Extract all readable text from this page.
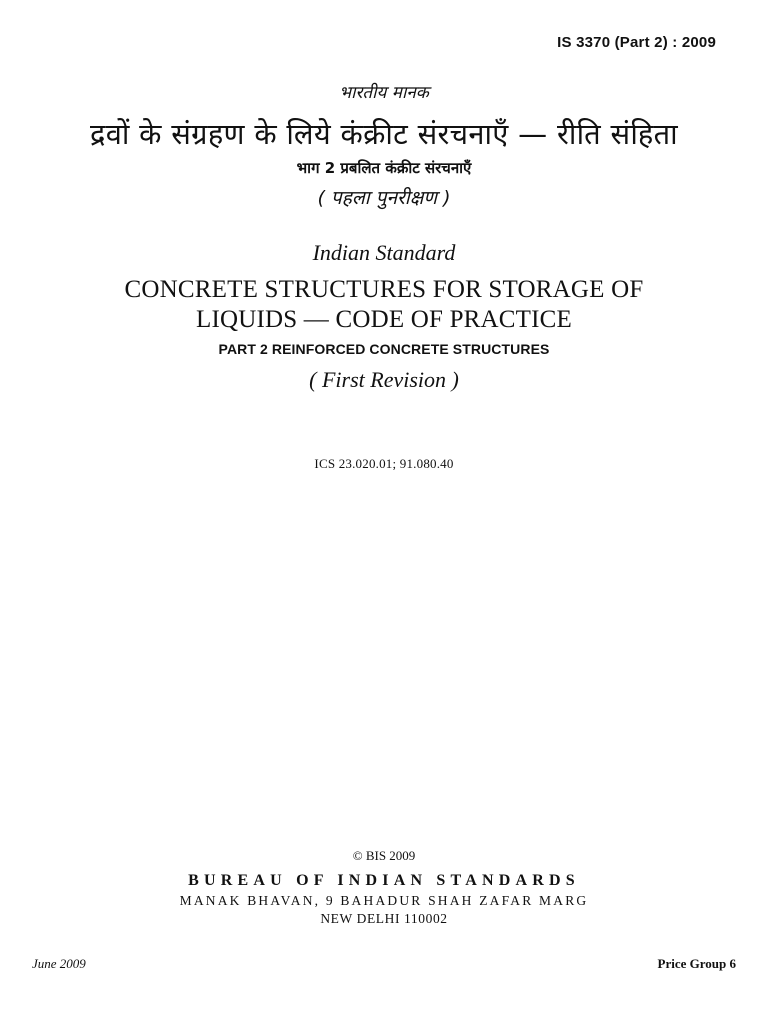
IS 3370 (Part 2) : 2009
भारतीय मानक
द्रवों के संग्रहण के लिये कंक्रीट संरचनाएँ — रीति संहिता
भाग 2 प्रबलित कंक्रीट संरचनाएँ
( पहला पुनरीक्षण )
Indian Standard
CONCRETE STRUCTURES FOR STORAGE OF
LIQUIDS — CODE OF PRACTICE
PART 2 REINFORCED CONCRETE STRUCTURES
( First Revision )
ICS 23.020.01; 91.080.40
© BIS 2009
BUREAU OF INDIAN STANDARDS
MANAK BHAVAN, 9 BAHADUR SHAH ZAFAR MARG
NEW DELHI 110002
June 2009	Price Group 6
